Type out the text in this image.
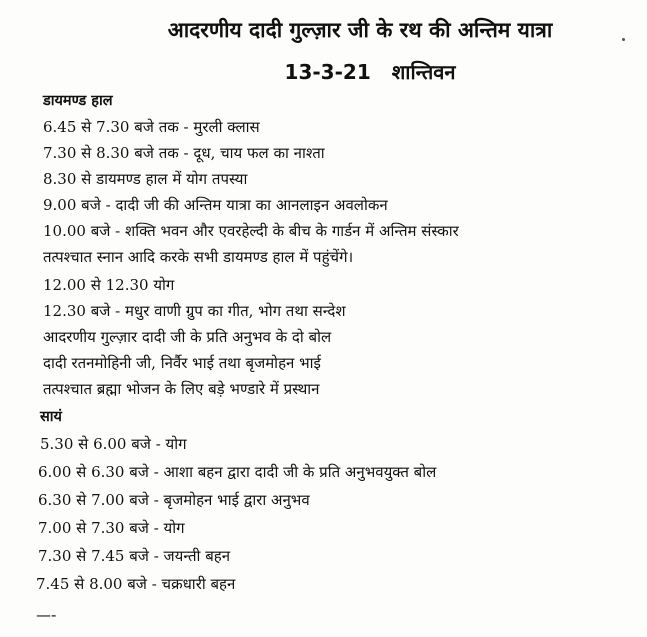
आदरणीय दादी गुल्ज़ार जी के रथ की अन्तिम यात्रा
13-3-21 शान्तिवन
डायमण्ड हाल
6.45 से 7.30 बजे तक - मुरली क्लास
7.30 से 8.30 बजे तक - दूध, चाय फल का नाश्ता
8.30 से डायमण्ड हाल में योग तपस्या
9.00 बजे - दादी जी की अन्तिम यात्रा का आनलाइन अवलोकन
10.00 बजे - शक्ति भवन और एवरहेल्दी के बीच के गार्डन में अन्तिम संस्कार
तत्पश्चात स्नान आदि करके सभी डायमण्ड हाल में पहुंचेंगे।
12.00 से 12.30 योग
12.30 बजे - मधुर वाणी ग्रुप का गीत, भोग तथा सन्देश
आदरणीय गुल्ज़ार दादी जी के प्रति अनुभव के दो बोल
दादी रतनमोहिनी जी, निर्वैर भाई तथा बृजमोहन भाई
तत्पश्चात ब्रह्मा भोजन के लिए बड़े भण्डारे में प्रस्थान
सायं
5.30 से 6.00 बजे - योग
6.00 से 6.30 बजे - आशा बहन द्वारा दादी जी के प्रति अनुभवयुक्त बोल
6.30 से 7.00 बजे - बृजमोहन भाई द्वारा अनुभव
7.00 से 7.30 बजे - योग
7.30 से 7.45 बजे - जयन्ती बहन
7.45 से 8.00 बजे - चक्रधारी बहन
—-
